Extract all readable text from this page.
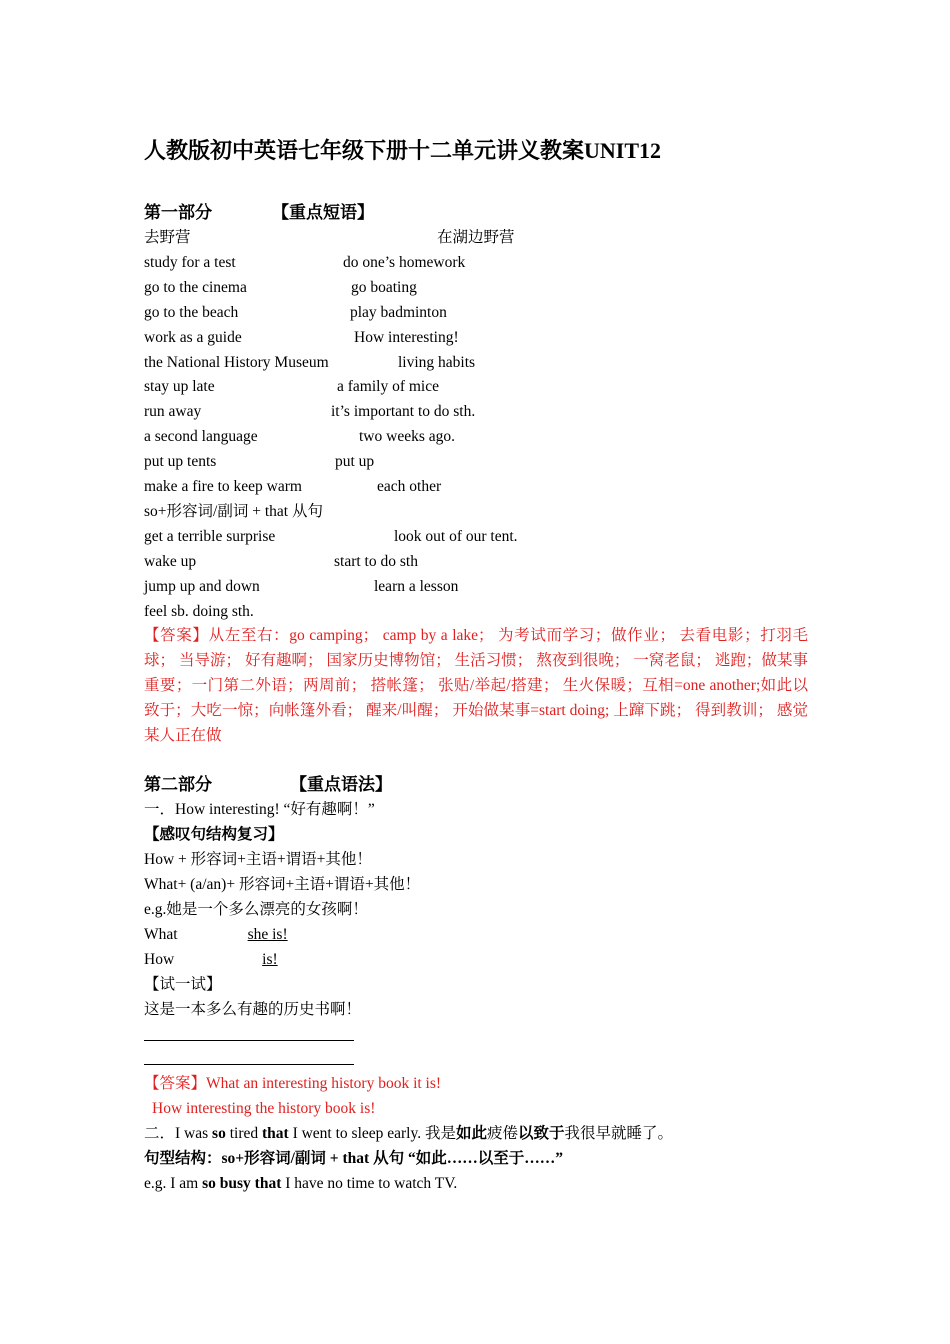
人教版初中英语七年级下册十二单元讲义教案UNIT12
第一部分	【重点短语】
去野营	在湖边野营
study for a test	do one’s homework
go to the cinema	go boating
go to the beach	play badminton
work as a guide	How interesting!
the National History Museum	living habits
stay up late	a family of mice
run away	it’s important to do sth.
a second language	two weeks ago.
put up tents	put up
make a fire to keep warm	each other
so+形容词/副词 + that 从句
get a terrible surprise	look out of our tent.
wake up	start to do sth
jump up and down	learn a lesson
feel sb. doing sth.
【答案】从左至右：go camping； camp by a lake； 为考试而学习；做作业； 去看电影；打羽毛球； 当导游； 好有趣啊； 国家历史博物馆； 生活习惯； 熬夜到很晚； 一窝老鼠； 逃跑；做某事重要；一门第二外语；两周前； 搭帐篷； 张贴/举起/搭建； 生火保暖；互相=one another;如此以致于；大吃一惊；向帐篷外看； 醒来/叫醒； 开始做某事=start doing; 上蹿下跳； 得到教训； 感觉某人正在做
第二部分	【重点语法】
一．How interesting! “好有趣啊！”
【感叹句结构复习】
How + 形容词+主语+谓语+其他！
What+ (a/an)+ 形容词+主语+谓语+其他！
e.g.她是一个多么漂亮的女孩啊！
What	she is!
How	is!
【试一试】
这是一本多么有趣的历史书啊！
【答案】What an interesting history book it is!
How interesting the history book is!
二．I was so tired that I went to sleep early. 我是如此疲倦以致于我很早就睡了。
句型结构：so+形容词/副词 + that 从句 “如此……以至于……”
e.g. I am so busy that I have no time to watch TV.
